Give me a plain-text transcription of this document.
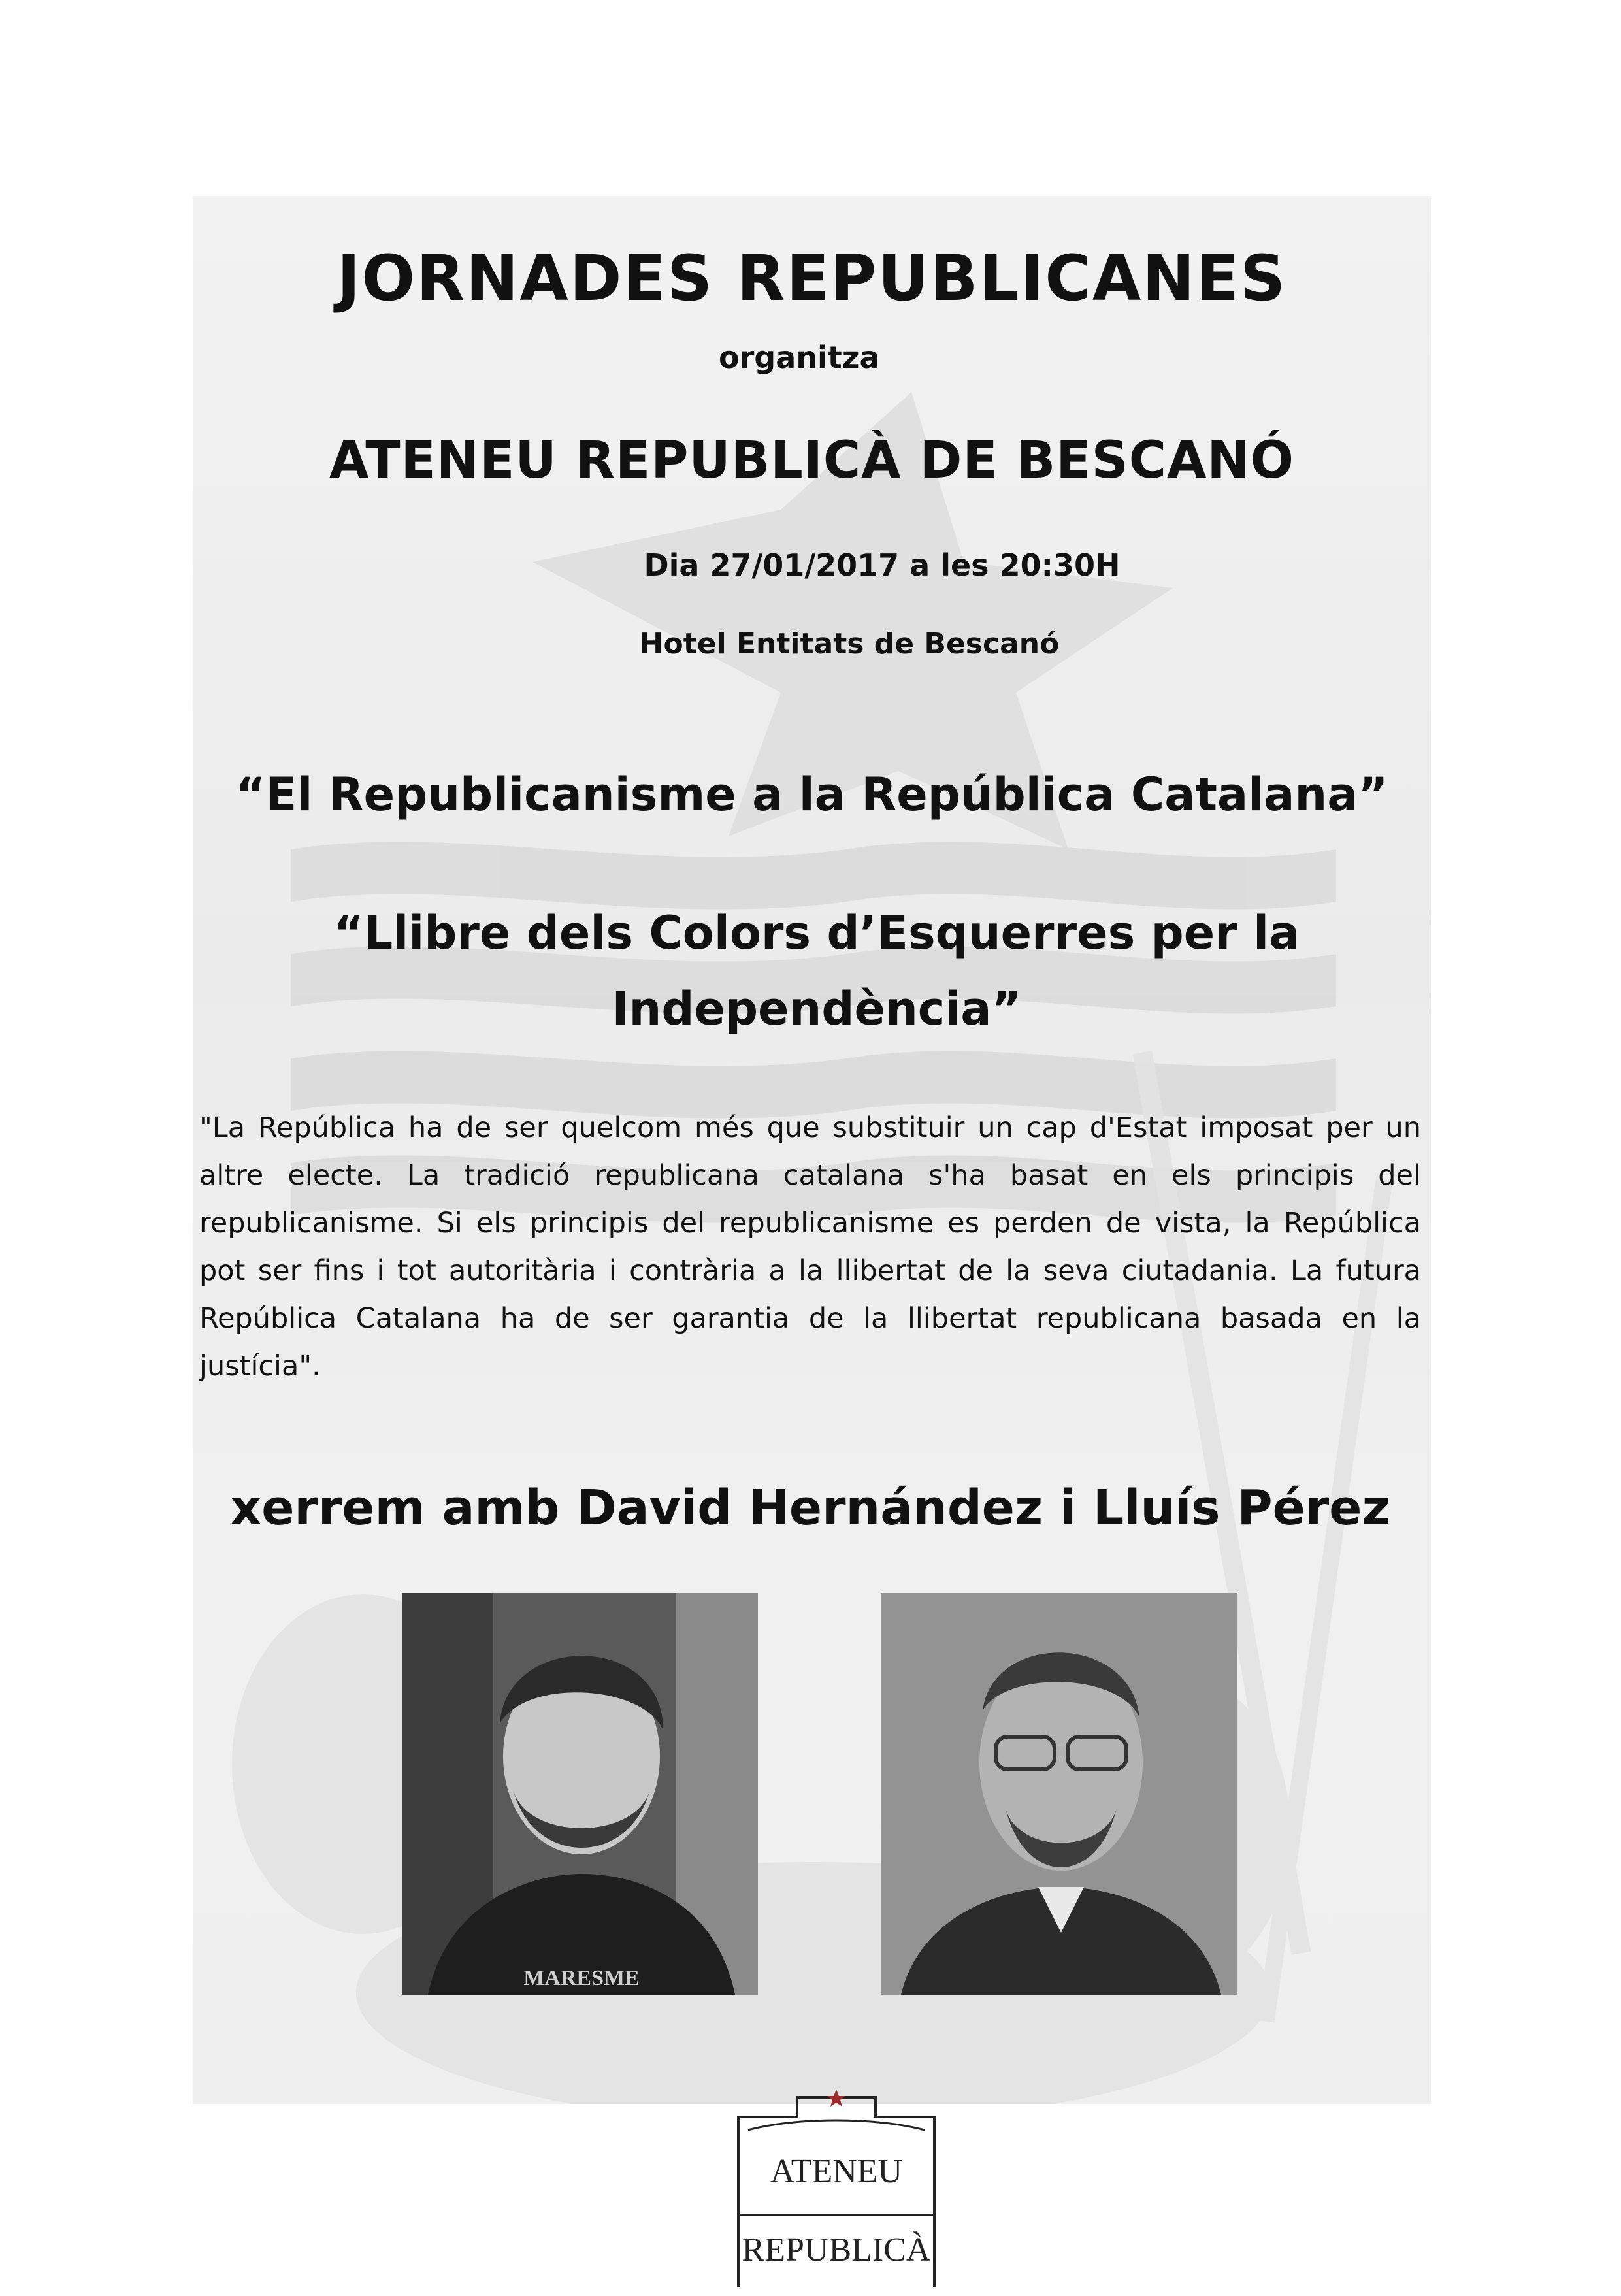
JORNADES REPUBLICANES
organitza
ATENEU REPUBLICÀ DE BESCANÓ
Dia 27/01/2017 a les 20:30H
Hotel Entitats de Bescanó
“El Republicanisme a la República Catalana”
“Llibre dels Colors d’Esquerres per la Independència”
"La República ha de ser quelcom més que substituir un cap d'Estat imposat per un altre electe. La tradició republicana catalana s'ha basat en els principis del republicanisme. Si els principis del republicanisme es perden de vista, la República pot ser fins i tot autoritària i contrària a la llibertat de la seva ciutadania. La futura República Catalana ha de ser garantia de la llibertat republicana basada en la justícia".
xerrem amb David Hernández i Lluís Pérez
MARESME
ATENEU
REPUBLICÀ
